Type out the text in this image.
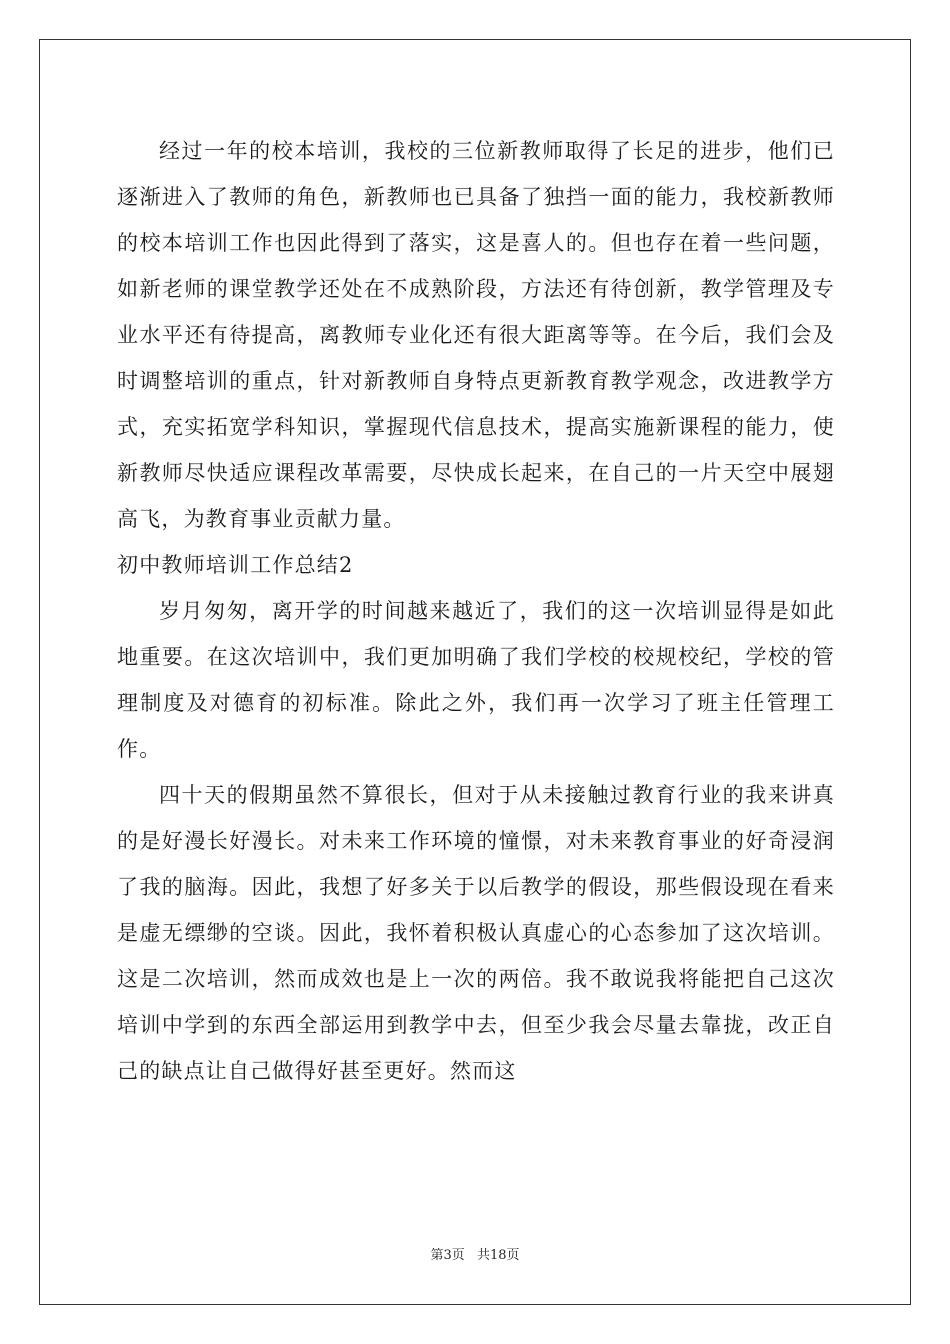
经过一年的校本培训，我校的三位新教师取得了长足的进步，他们已逐渐进入了教师的角色，新教师也已具备了独挡一面的能力，我校新教师的校本培训工作也因此得到了落实，这是喜人的。但也存在着一些问题，如新老师的课堂教学还处在不成熟阶段，方法还有待创新，教学管理及专业水平还有待提高，离教师专业化还有很大距离等等。在今后，我们会及时调整培训的重点，针对新教师自身特点更新教育教学观念，改进教学方式，充实拓宽学科知识，掌握现代信息技术，提高实施新课程的能力，使新教师尽快适应课程改革需要，尽快成长起来，在自己的一片天空中展翅高飞，为教育事业贡献力量。

初中教师培训工作总结2

岁月匆匆，离开学的时间越来越近了，我们的这一次培训显得是如此地重要。在这次培训中，我们更加明确了我们学校的校规校纪，学校的管理制度及对德育的初标准。除此之外，我们再一次学习了班主任管理工作。

四十天的假期虽然不算很长，但对于从未接触过教育行业的我来讲真的是好漫长好漫长。对未来工作环境的憧憬，对未来教育事业的好奇浸润了我的脑海。因此，我想了好多关于以后教学的假设，那些假设现在看来是虚无缥缈的空谈。因此，我怀着积极认真虚心的心态参加了这次培训。这是二次培训，然而成效也是上一次的两倍。我不敢说我将能把自己这次培训中学到的东西全部运用到教学中去，但至少我会尽量去靠拢，改正自己的缺点让自己做得好甚至更好。然而这

第3页 共18页
